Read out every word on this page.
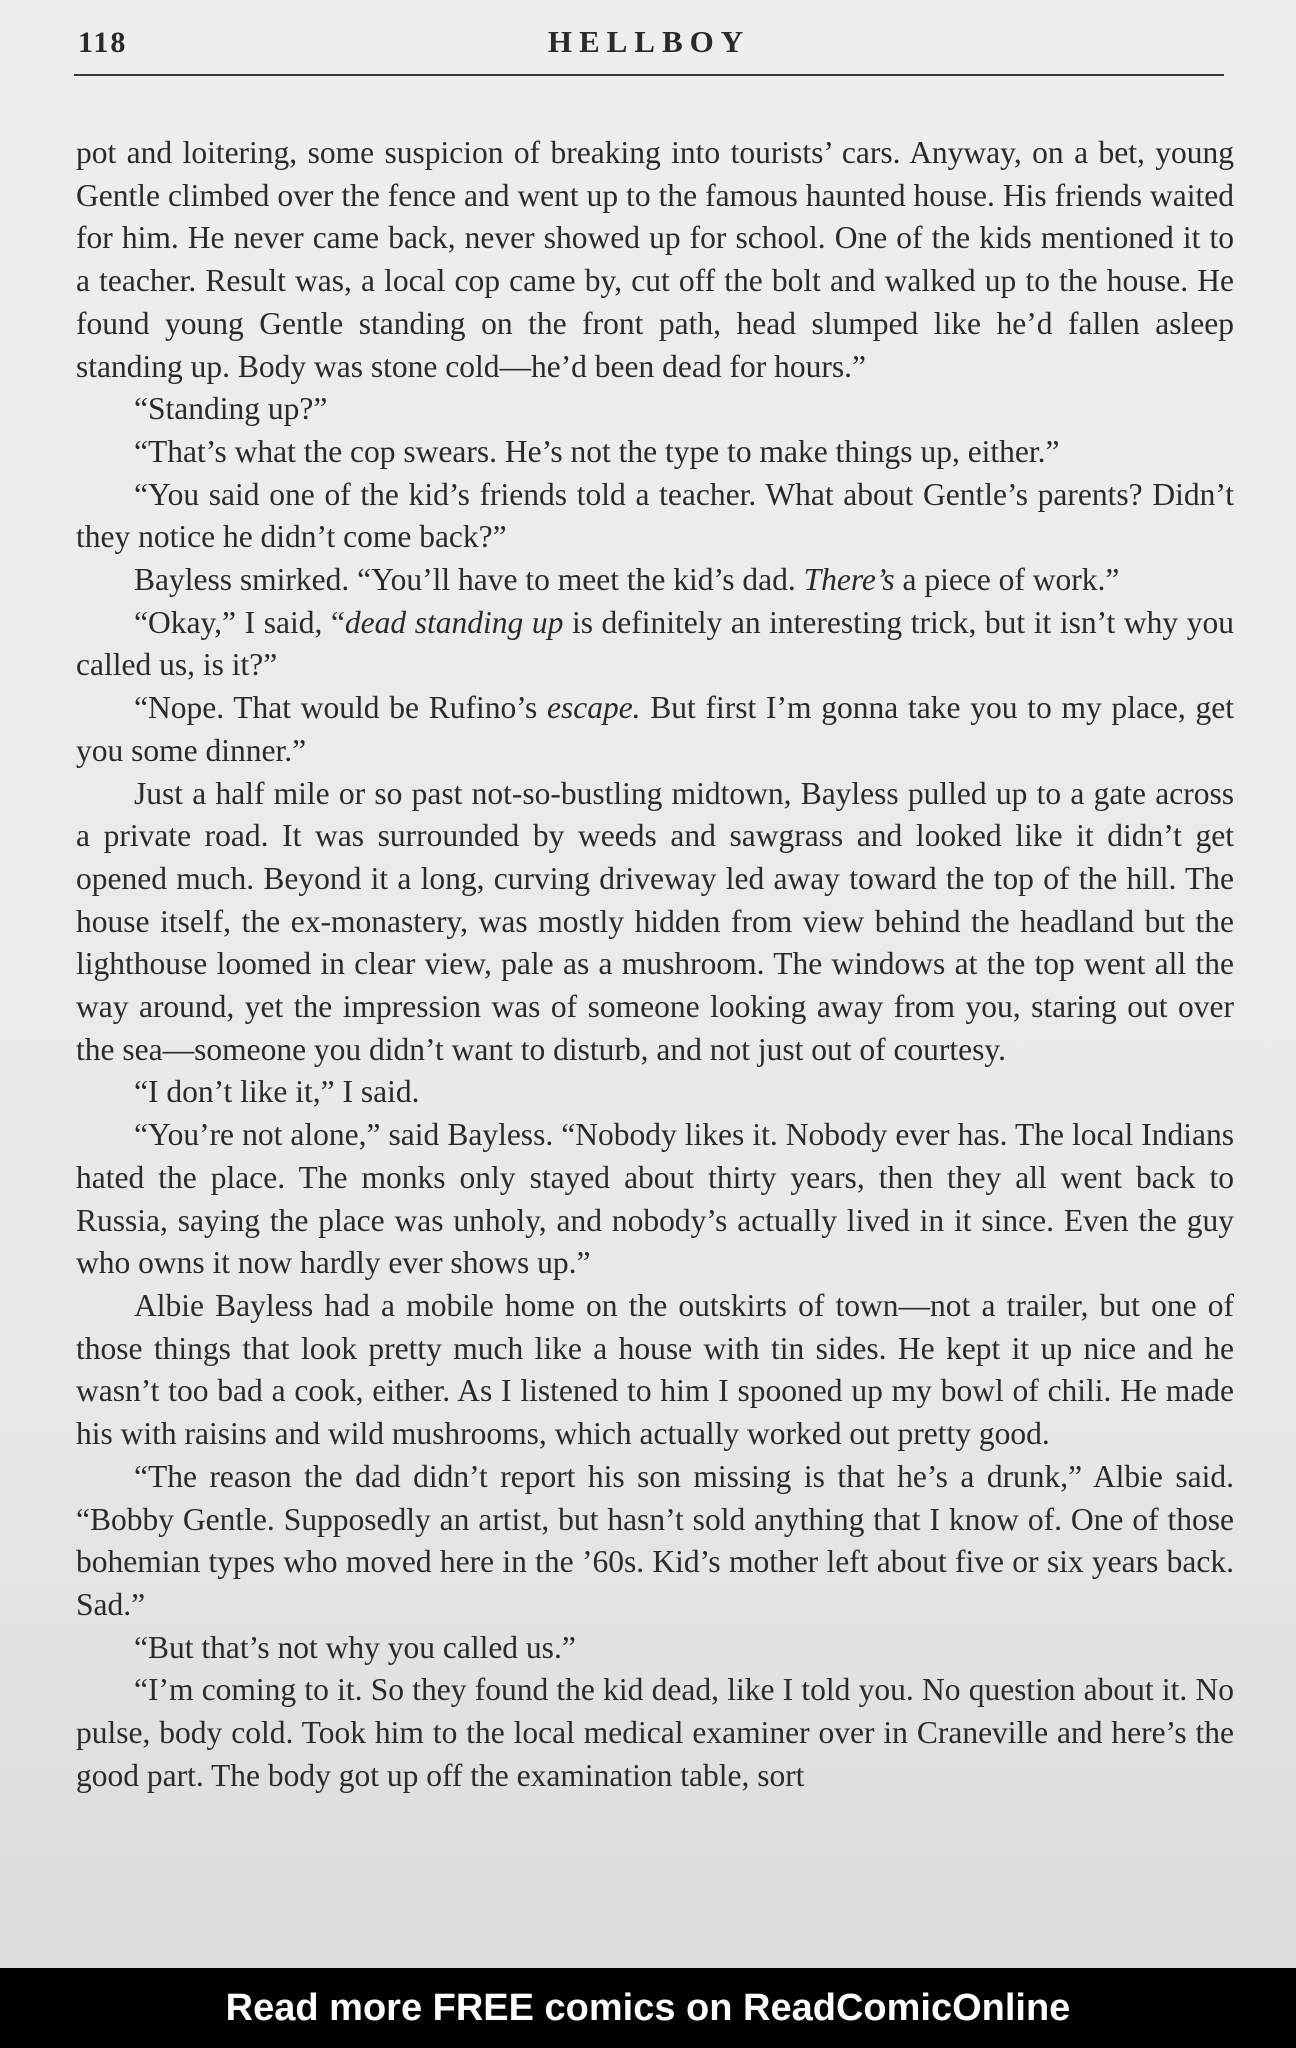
118	HELLBOY

pot and loitering, some suspicion of breaking into tourists’ cars. Anyway, on a bet, young Gentle climbed over the fence and went up to the famous haunted house. His friends waited for him. He never came back, never showed up for school. One of the kids mentioned it to a teacher. Result was, a local cop came by, cut off the bolt and walked up to the house. He found young Gentle standing on the front path, head slumped like he’d fallen asleep standing up. Body was stone cold—he’d been dead for hours.”

“Standing up?”

“That’s what the cop swears. He’s not the type to make things up, either.”

“You said one of the kid’s friends told a teacher. What about Gentle’s parents? Didn’t they notice he didn’t come back?”

Bayless smirked. “You’ll have to meet the kid’s dad. There’s a piece of work.”

“Okay,” I said, “dead standing up is definitely an interesting trick, but it isn’t why you called us, is it?”

“Nope. That would be Rufino’s escape. But first I’m gonna take you to my place, get you some dinner.”

Just a half mile or so past not-so-bustling midtown, Bayless pulled up to a gate across a private road. It was surrounded by weeds and sawgrass and looked like it didn’t get opened much. Beyond it a long, curving driveway led away toward the top of the hill. The house itself, the ex-monastery, was mostly hidden from view behind the headland but the lighthouse loomed in clear view, pale as a mushroom. The windows at the top went all the way around, yet the impression was of someone looking away from you, staring out over the sea—someone you didn’t want to disturb, and not just out of courtesy.

“I don’t like it,” I said.

“You’re not alone,” said Bayless. “Nobody likes it. Nobody ever has. The local Indians hated the place. The monks only stayed about thirty years, then they all went back to Russia, saying the place was unholy, and nobody’s actually lived in it since. Even the guy who owns it now hardly ever shows up.”

Albie Bayless had a mobile home on the outskirts of town—not a trailer, but one of those things that look pretty much like a house with tin sides. He kept it up nice and he wasn’t too bad a cook, either. As I listened to him I spooned up my bowl of chili. He made his with raisins and wild mushrooms, which actually worked out pretty good.

“The reason the dad didn’t report his son missing is that he’s a drunk,” Albie said. “Bobby Gentle. Supposedly an artist, but hasn’t sold anything that I know of. One of those bohemian types who moved here in the ’60s. Kid’s mother left about five or six years back. Sad.”

“But that’s not why you called us.”

“I’m coming to it. So they found the kid dead, like I told you. No question about it. No pulse, body cold. Took him to the local medical examiner over in Craneville and here’s the good part. The body got up off the examination table, sort

Read more FREE comics on ReadComicOnline
